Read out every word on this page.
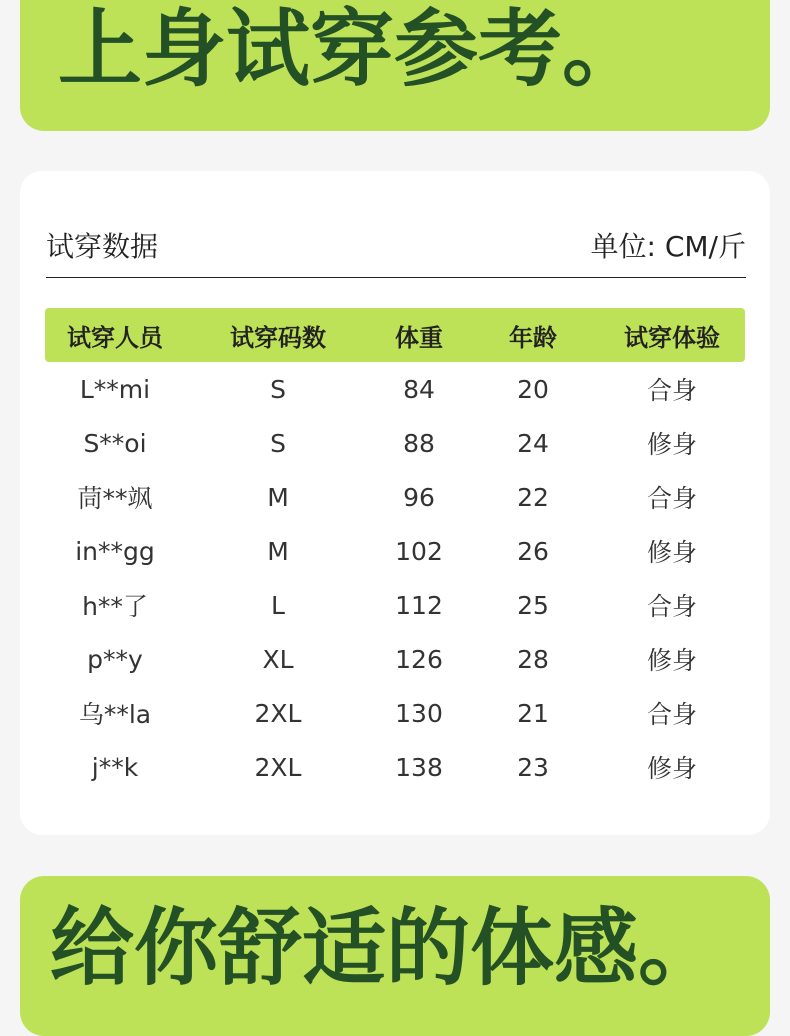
上身试穿参考。
试穿数据	单位: CM/斤
试穿人员	试穿码数	体重	年龄	试穿体验
L**mi	S	84	20	合身
S**oi	S	88	24	修身
茼**飒	M	96	22	合身
in**gg	M	102	26	修身
h**了	L	112	25	合身
p**y	XL	126	28	修身
乌**la	2XL	130	21	合身
j**k	2XL	138	23	修身
给你舒适的体感。
